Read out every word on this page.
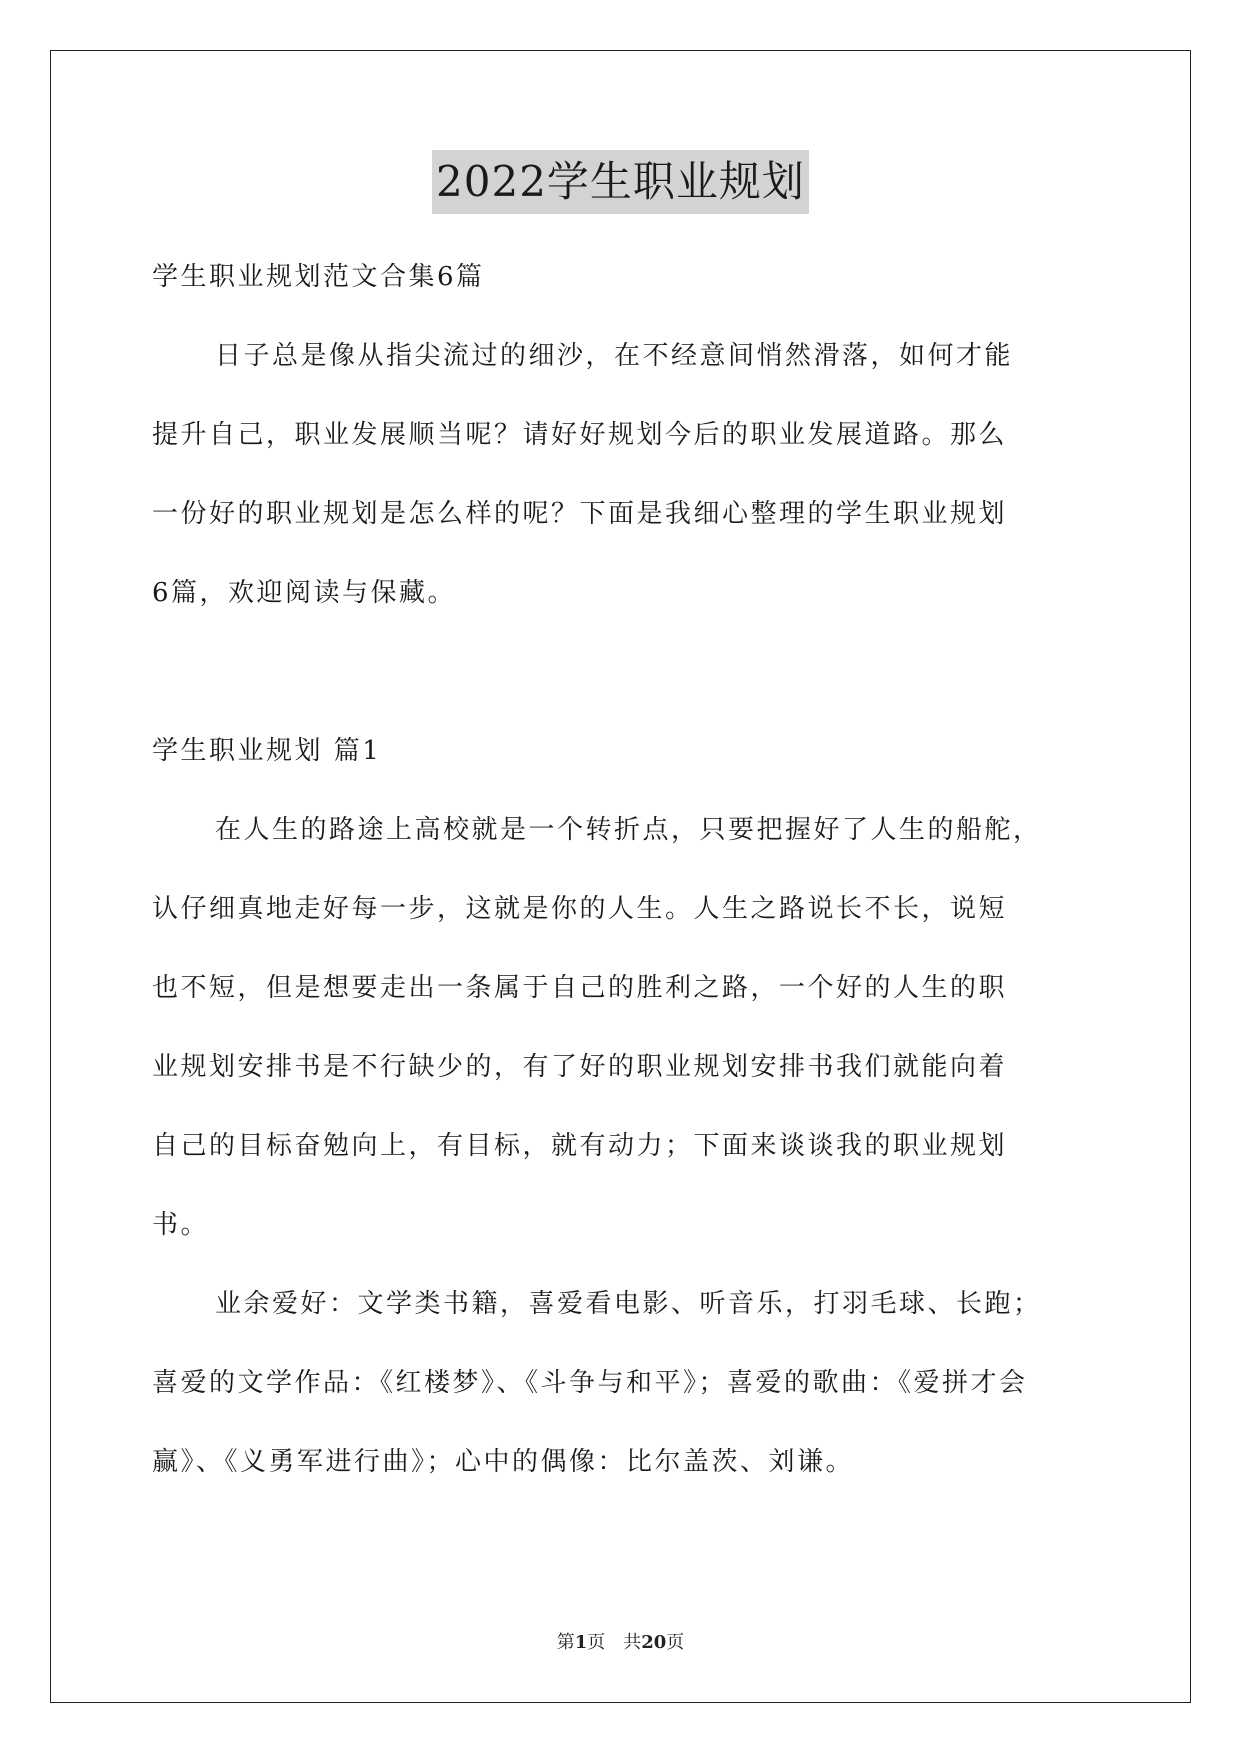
2022学生职业规划
学生职业规划范文合集6篇
日子总是像从指尖流过的细沙，在不经意间悄然滑落，如何才能
提升自己，职业发展顺当呢？请好好规划今后的职业发展道路。那么
一份好的职业规划是怎么样的呢？下面是我细心整理的学生职业规划
6篇，欢迎阅读与保藏。
学生职业规划 篇1
在人生的路途上高校就是一个转折点，只要把握好了人生的船舵，
认仔细真地走好每一步，这就是你的人生。人生之路说长不长，说短
也不短，但是想要走出一条属于自己的胜利之路，一个好的人生的职
业规划安排书是不行缺少的，有了好的职业规划安排书我们就能向着
自己的目标奋勉向上，有目标，就有动力；下面来谈谈我的职业规划
书。
业余爱好：文学类书籍，喜爱看电影、听音乐，打羽毛球、长跑；
喜爱的文学作品：《红楼梦》、《斗争与和平》；喜爱的歌曲：《爱拼才会
赢》、《义勇军进行曲》；心中的偶像：比尔盖茨、刘谦。
第1页　共20页
